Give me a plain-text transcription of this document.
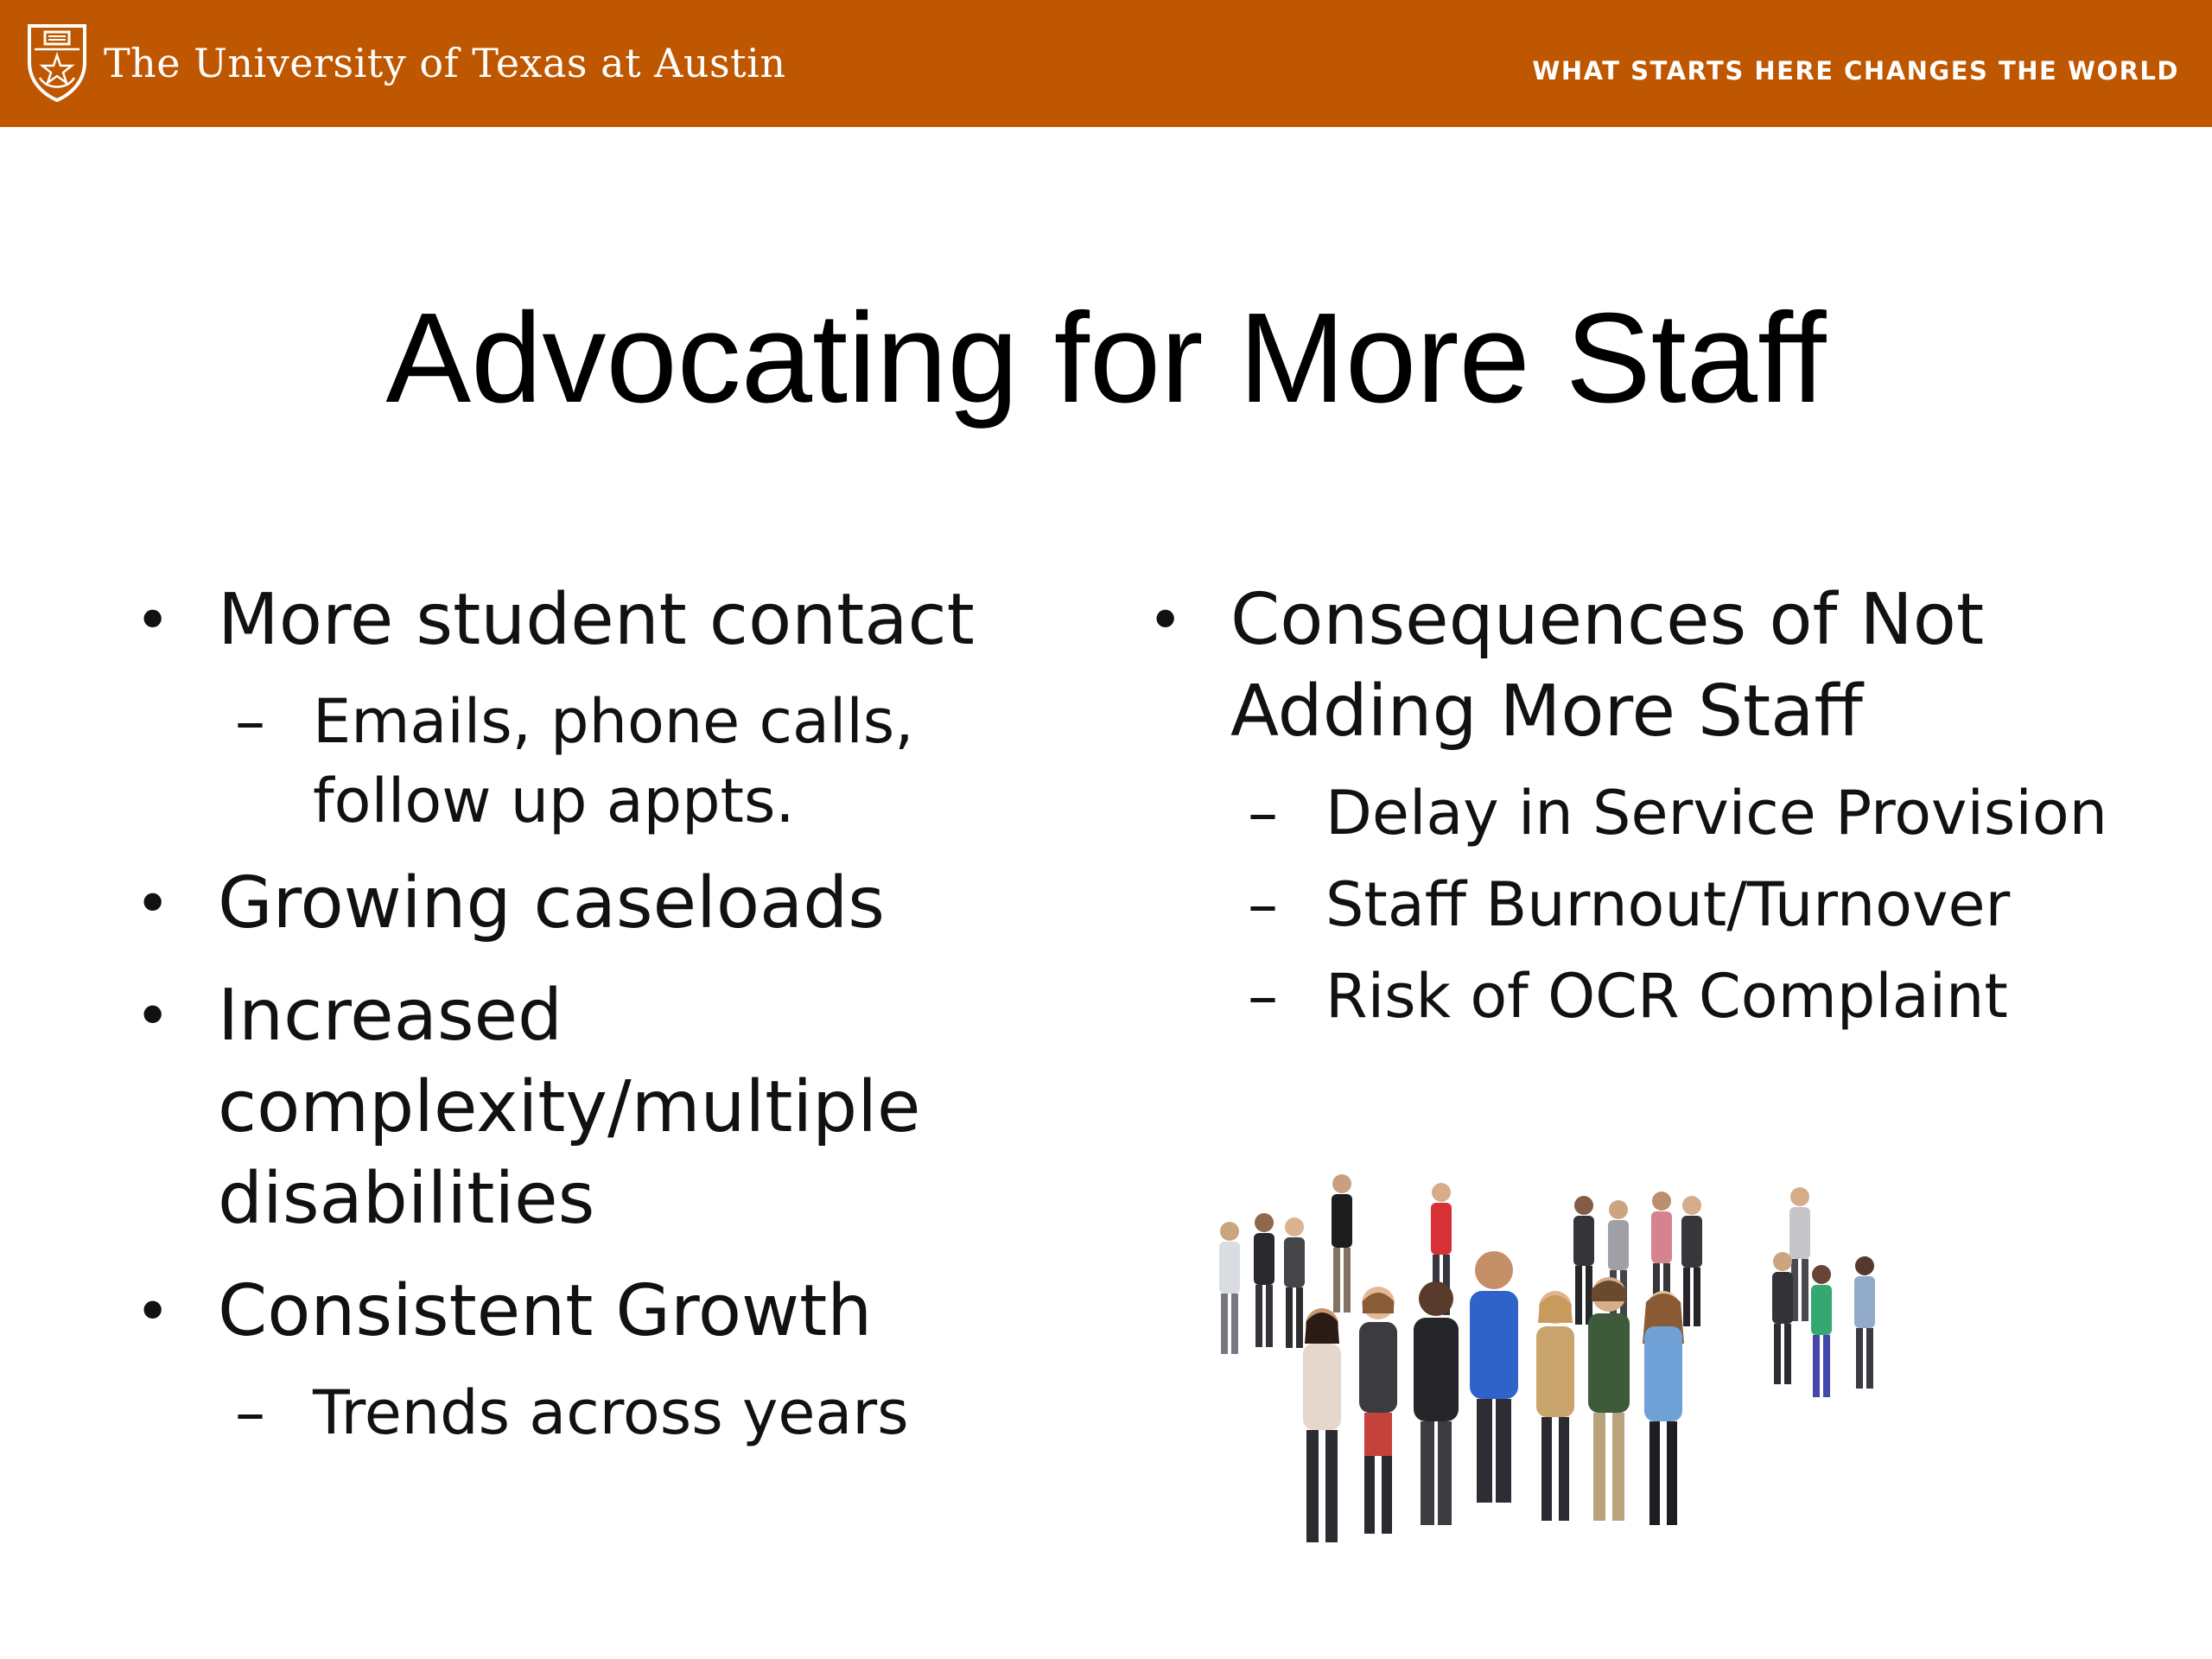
The University of Texas at Austin	WHAT STARTS HERE CHANGES THE WORLD
Advocating for More Staff
• More student contact
– Emails, phone calls, follow up appts.
• Growing caseloads
• Increased complexity/multiple disabilities
• Consistent Growth
– Trends across years
• Consequences of Not Adding More Staff
– Delay in Service Provision
– Staff Burnout/Turnover
– Risk of OCR Complaint
